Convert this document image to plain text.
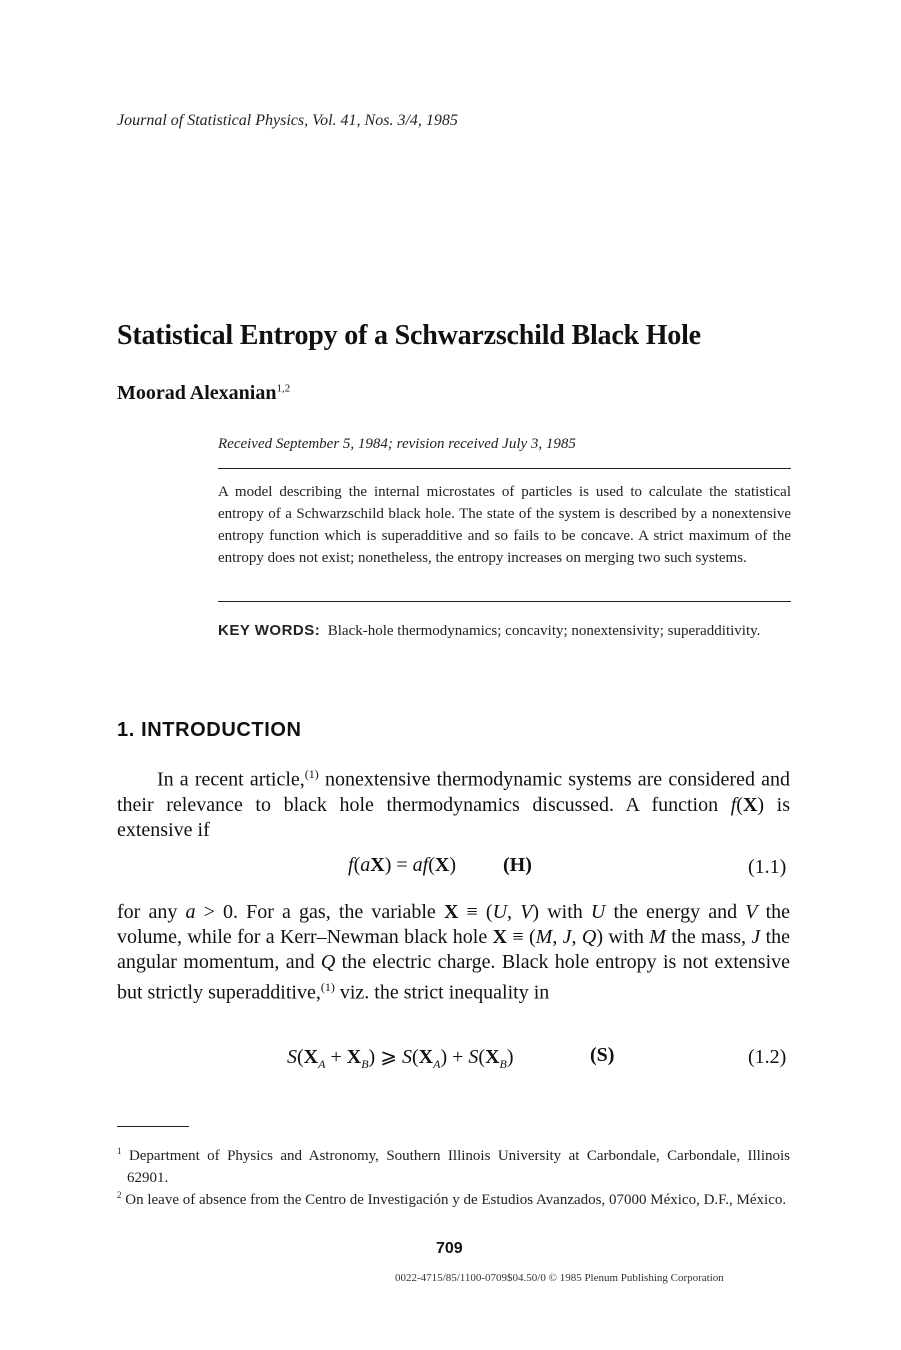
Journal of Statistical Physics, Vol. 41, Nos. 3/4, 1985
Statistical Entropy of a Schwarzschild Black Hole
Moorad Alexanian$^{1,2}$
Received September 5, 1984; revision received July 3, 1985
A model describing the internal microstates of particles is used to calculate the statistical entropy of a Schwarzschild black hole. The state of the system is described by a nonextensive entropy function which is superadditive and so fails to be concave. A strict maximum of the entropy does not exist; nonetheless, the entropy increases on merging two such systems.
KEY WORDS: Black-hole thermodynamics; concavity; nonextensivity; superadditivity.
1. INTRODUCTION
In a recent article,$^{(1)}$ nonextensive thermodynamic systems are considered and their relevance to black hole thermodynamics discussed. A function f(X) is extensive if
f(aX) = af(X) (H)	(1.1)
for any a > 0. For a gas, the variable X ≡ (U, V) with U the energy and V the volume, while for a Kerr–Newman black hole X ≡ (M, J, Q) with M the mass, J the angular momentum, and Q the electric charge. Black hole entropy is not extensive but strictly superadditive,$^{(1)}$ viz. the strict inequality in
$S(X_A + X_B)$ ⩾ $S(X_A) + S(X_B)$	(S)	(1.2)
$^1$ Department of Physics and Astronomy, Southern Illinois University at Carbondale, Carbondale, Illinois 62901.
$^2$ On leave of absence from the Centro de Investigación y de Estudios Avanzados, 07000 México, D.F., México.
709
0022-4715/85/1100-0709$04.50/0 © 1985 Plenum Publishing Corporation
